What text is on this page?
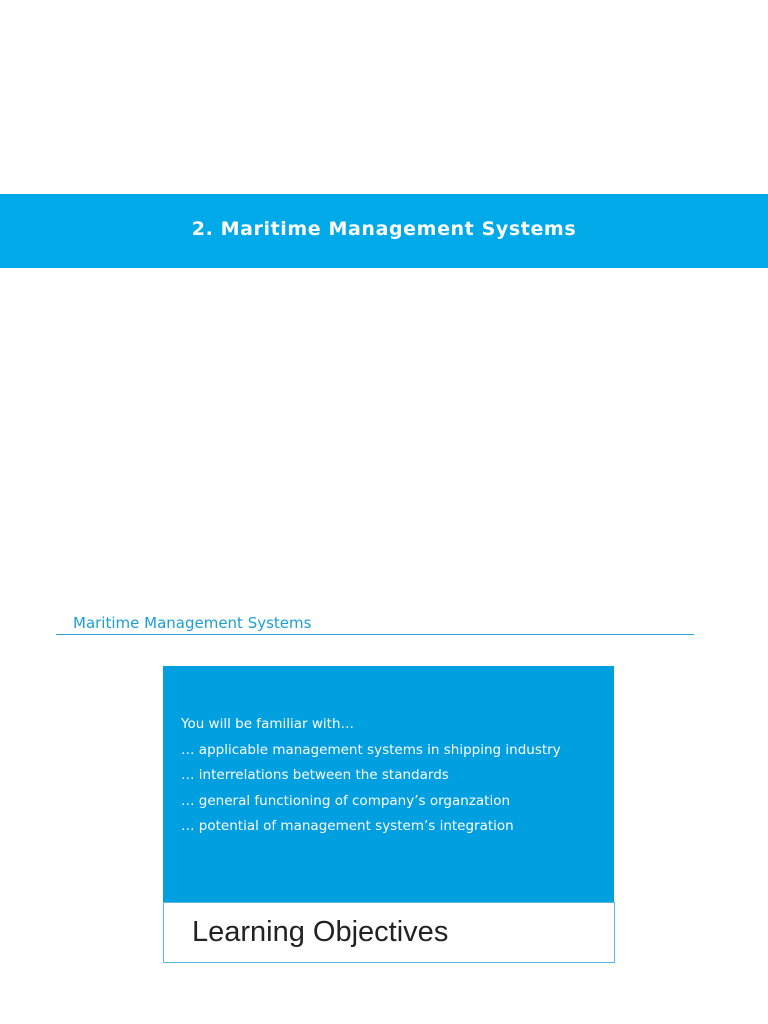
2. Maritime Management Systems
Maritime Management Systems
You will be familiar with…
… applicable management systems in shipping industry
… interrelations between the standards
… general functioning of company’s organzation
… potential of management system’s integration
Learning Objectives
